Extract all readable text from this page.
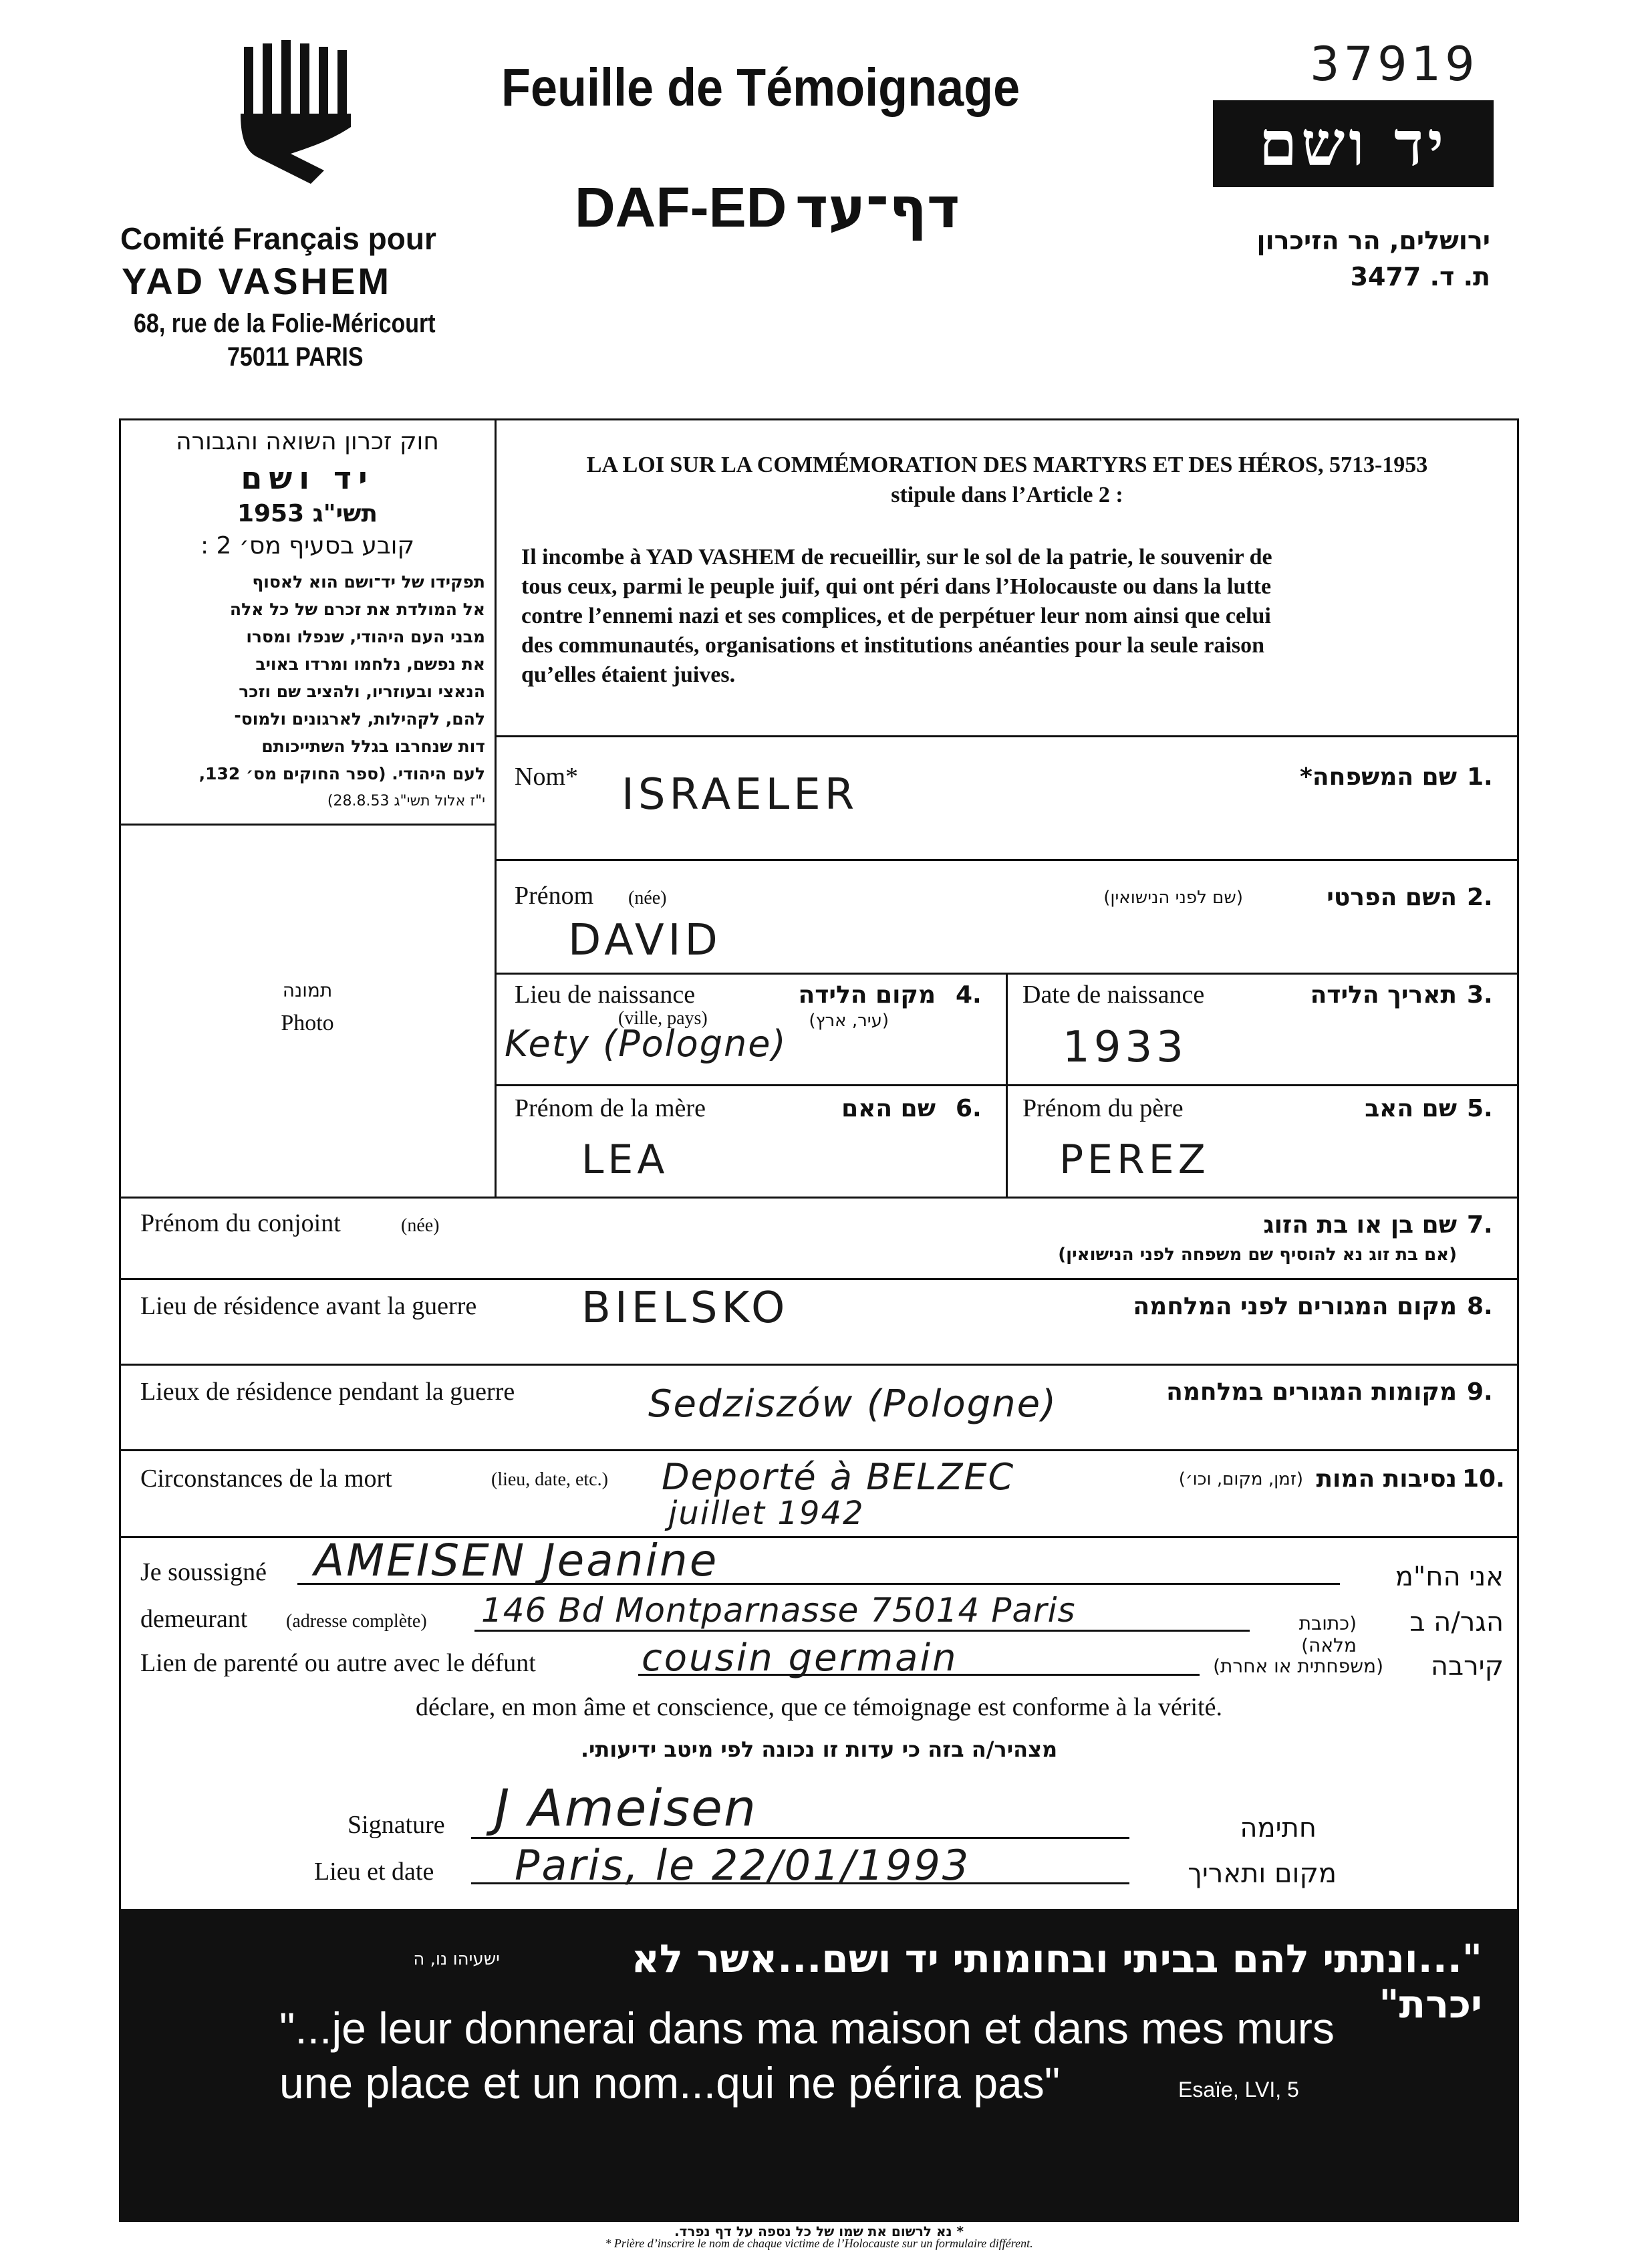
Comité Français pour
YAD VASHEM
68, rue de la Folie-Méricourt
75011 PARIS
Feuille de Témoignage
DAF-ED דף־עד
37919
יד ושם
ירושלים, הר הזיכרון
ת. ד. 3477
חוק זכרון השואה והגבורה
יד ושם
תשי"ג 1953
קובע בסעיף מס׳ 2 :
תפקידו של יד־ושם הוא לאסוף
אל המולדת את זכרם של כל אלה
מבני העם היהודי, שנפלו ומסרו
את נפשם, נלחמו ומרדו באויב
הנאצי ובעוזריו, ולהציב שם וזכר
להם, לקהילות, לארגונים ולמוס־
דות שנחרבו בגלל השתייכותם
לעם היהודי. (ספר החוקים מס׳ 132,
י"ז אלול תשי"ג 28.8.53)
תמונה
Photo
LA LOI SUR LA COMMÉMORATION DES MARTYRS ET DES HÉROS, 5713-1953
stipule dans l’Article 2 :
Il incombe à YAD VASHEM de recueillir, sur le sol de la patrie, le souvenir de
tous ceux, parmi le peuple juif, qui ont péri dans l’Holocauste ou dans la lutte
contre l’ennemi nazi et ses complices, et de perpétuer leur nom ainsi que celui
des communautés, organisations et institutions anéanties pour la seule raison
qu’elles étaient juives.
Nom* ISRAELER	שם המשפחה* 1.
Prénom (née)
DAVID
השם הפרטי
(שם לפני הנישואין)	2.
Lieu de naissance
(ville, pays)	(עיר, ארץ)
מקום הלידה 4.
Kety (Pologne)
Date de naissance	תאריך הלידה 3.
1933
Prénom de la mère	שם האם 6.
LEA
Prénom du père	שם האב 5.
PEREZ
Prénom du conjoint	(née)	שם בן או בת הזוג
(אם בת זוג נא להוסיף שם משפחה לפני הנישואין)
7.
Lieu de résidence avant la guerre BIELSKO	מקום המגורים לפני המלחמה 8.
Lieux de résidence pendant la guerre	Sedziszów (Pologne)	מקומות המגורים במלחמה 9.
Circonstances de la mort	(lieu, date, etc.) Deporté à BELZEC
juillet 1942
נסיבות המות
(זמן, מקום, וכו׳)	10.
Je soussigné AMEISEN Jeanine	אני הח"מ
demeurant (adresse complète) 146 Bd Montparnasse 75014 Paris	(כתובת מלאה)
הגר/ה ב
Lien de parenté ou autre avec le défunt	cousin germain	(משפחתית או אחרת)	קירבה
déclare, en mon âme et conscience, que ce témoignage est conforme à la vérité.
מצהיר/ה בזה כי עדות זו נכונה לפי מיטב ידיעותי.
Signature J Ameisen	חתימה
Lieu et date Paris, le 22/01/1993	מקום ותאריך
"...ונתתי להם בביתי ובחומותי יד ושם...אשר לא יכרת"
ישעיהו נו, ה
"...je leur donnerai dans ma maison et dans mes murs
une place et un nom...qui ne périra pas"	Esaïe, LVI, 5
* נא לרשום את שמו של כל נספה על דף נפרד.
* Prière d’inscrire le nom de chaque victime de l’Holocauste sur un formulaire différent.
